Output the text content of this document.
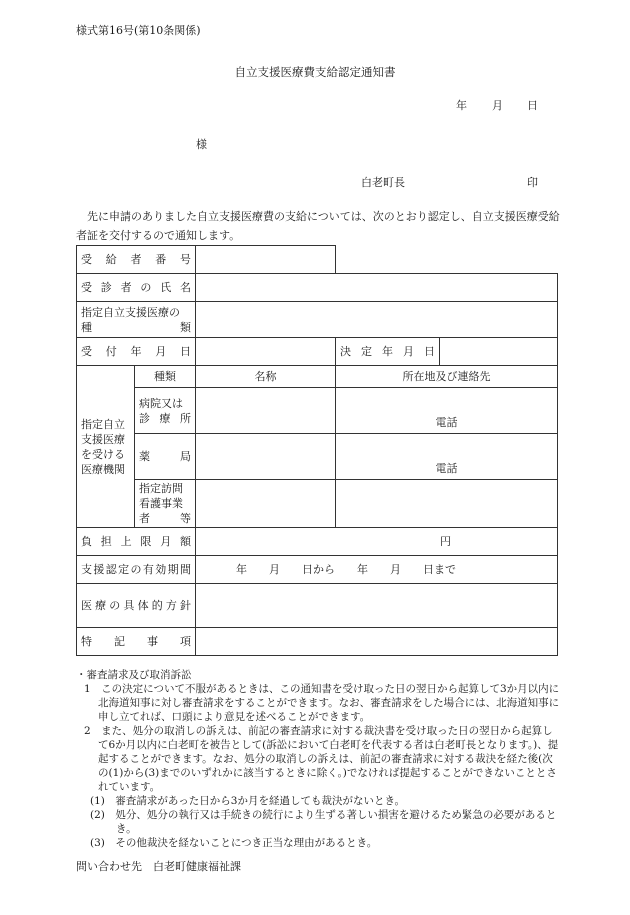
様式第16号(第10条関係)
自立支援医療費支給認定通知書
年 月 日
様
白老町長	印
先に申請のありました自立支援医療費の支給については、次のとおり認定し、自立支援医療受給者証を交付するので通知します。
受給者番号				
受診者の氏名				

指定自立支援医療の
種類				

受付年月日			決定年月日	

指定自立
支援医療
を受ける
医療機関	種類	名称	所在地及び連絡先	

	病院又は
診療所		電話	
	薬局		電話	

	指定訪問
看護事業
者等			

負担上限月額		円		
支援認定の有効期間		年　　月　　日から　　年　　月　　日まで		
医療の具体的方針				
特記事項				
・審査請求及び取消訴訟
1　この決定について不服があるときは、この通知書を受け取った日の翌日から起算して3か月以内に北海道知事に対し審査請求をすることができます。なお、審査請求をした場合には、北海道知事に申し立てれば、口頭により意見を述べることができます。
2　また、処分の取消しの訴えは、前記の審査請求に対する裁決書を受け取った日の翌日から起算して6か月以内に白老町を被告として(訴訟において白老町を代表する者は白老町長となります。)、提起することができます。なお、処分の取消しの訴えは、前記の審査請求に対する裁決を経た後(次の(1)から(3)までのいずれかに該当するときに除く。)でなければ提起することができないこととされています。
(1)　審査請求があった日から3か月を経過しても裁決がないとき。
(2)　処分、処分の執行又は手続きの続行により生ずる著しい損害を避けるため緊急の必要があるとき。
(3)　その他裁決を経ないことにつき正当な理由があるとき。
問い合わせ先　白老町健康福祉課
